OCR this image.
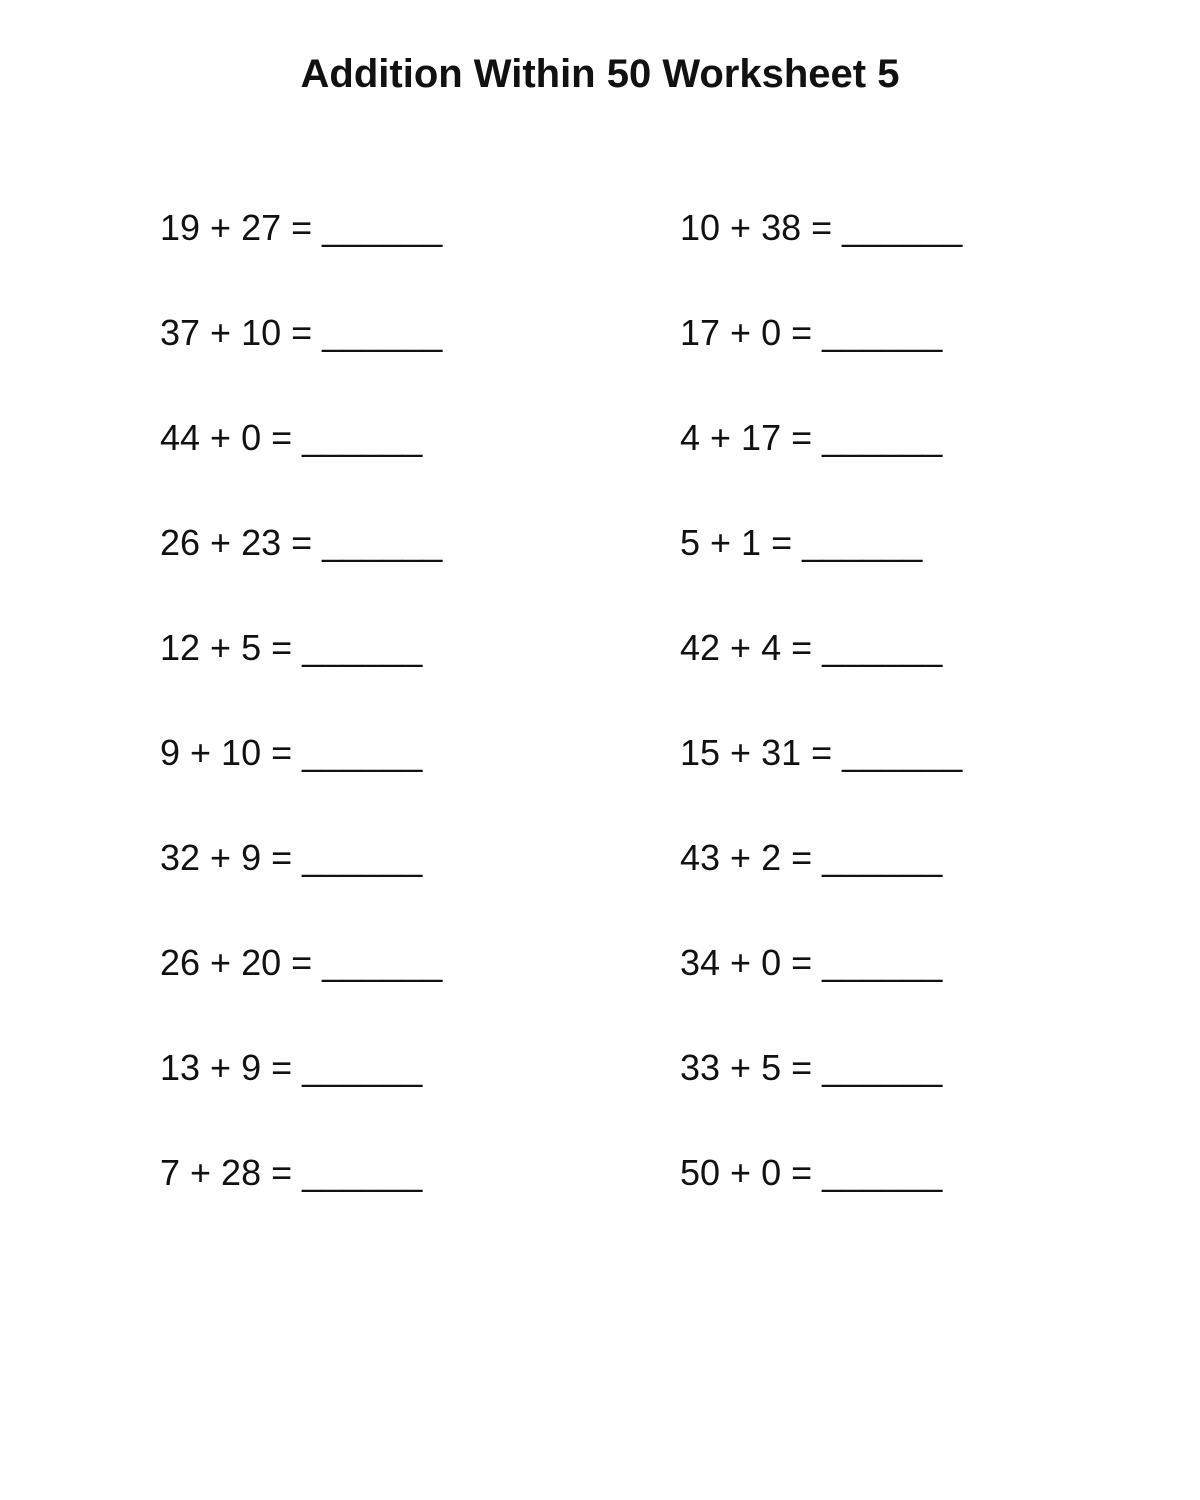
Addition Within 50 Worksheet 5
19 + 27 = ______
37 + 10 = ______
44 + 0 = ______
26 + 23 = ______
12 + 5 = ______
9 + 10 = ______
32 + 9 = ______
26 + 20 = ______
13 + 9 = ______
7 + 28 = ______
10 + 38 = ______
17 + 0 = ______
4 + 17 = ______
5 + 1 = ______
42 + 4 = ______
15 + 31 = ______
43 + 2 = ______
34 + 0 = ______
33 + 5 = ______
50 + 0 = ______
